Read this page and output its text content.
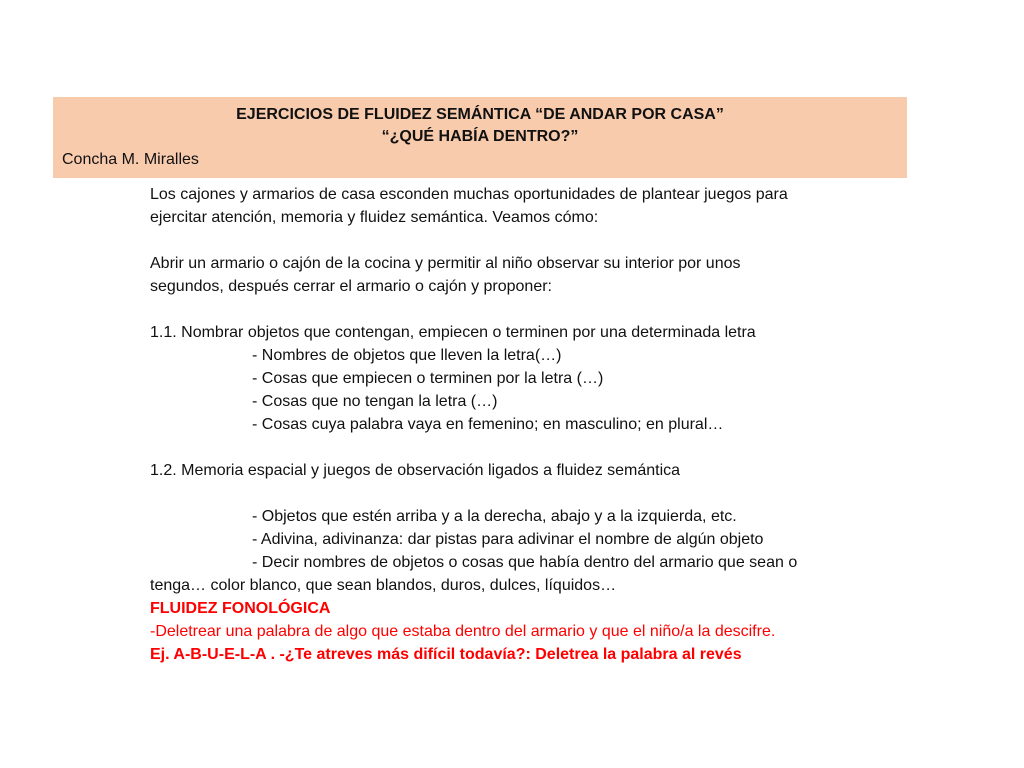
EJERCICIOS DE FLUIDEZ SEMÁNTICA “DE ANDAR POR CASA”
“¿QUÉ HABÍA DENTRO?”
Concha M. Miralles

Los cajones y armarios de casa esconden muchas oportunidades de plantear juegos para

ejercitar atención, memoria y fluidez semántica. Veamos cómo:

Abrir un armario o cajón de la cocina y permitir al niño observar su interior por unos

segundos, después cerrar el armario o cajón y proponer:

1.1. Nombrar objetos que contengan, empiecen o terminen por una determinada letra

- Nombres de objetos que lleven la letra(…)

- Cosas que empiecen o terminen por la letra (…)

- Cosas que no tengan la letra (…)

- Cosas cuya palabra vaya en femenino; en masculino; en plural…

1.2. Memoria espacial y juegos de observación ligados a fluidez semántica

- Objetos que estén arriba y a la derecha, abajo y a la izquierda, etc.

- Adivina, adivinanza: dar pistas para adivinar el nombre de algún objeto

- Decir nombres de objetos o cosas que había dentro del armario que sean o

tenga… color blanco, que sean blandos, duros, dulces, líquidos…

FLUIDEZ FONOLÓGICA

-Deletrear una palabra de algo que estaba dentro del armario y que el niño/a la descifre.

Ej. A-B-U-E-L-A . -¿Te atreves más difícil todavía?: Deletrea la palabra al revés
